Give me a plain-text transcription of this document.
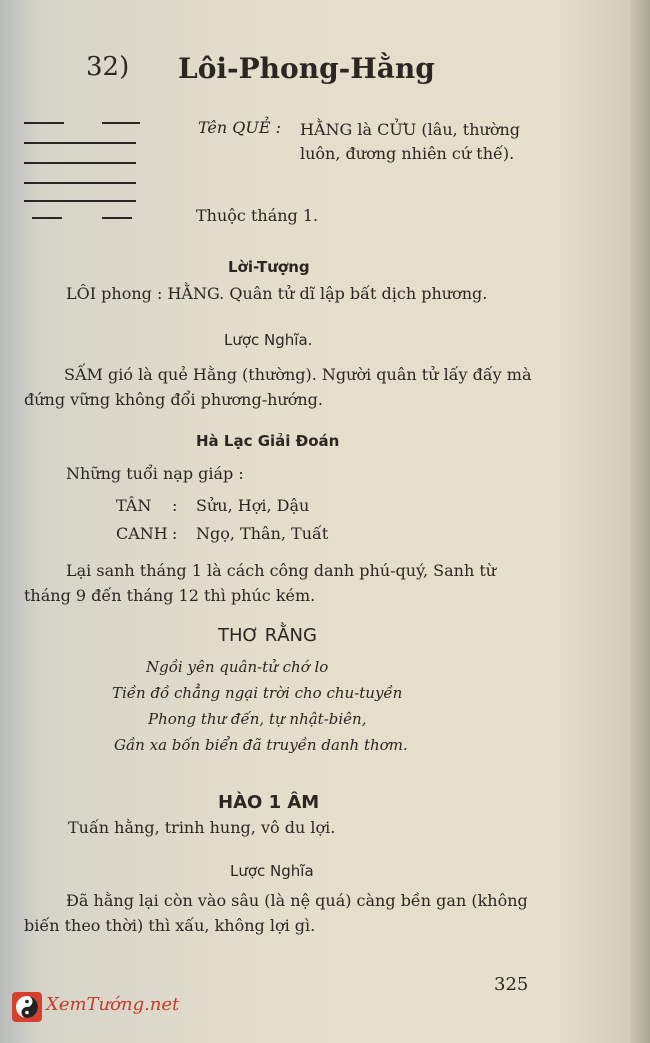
32) Lôi-Phong-Hằng
Tên QUẺ : HẰNG là CỬU (lâu, thường luôn, đương nhiên cứ thế).
Thuộc tháng 1.
Lời-Tượng
LÔI phong : HẰNG. Quân tử dĩ lập bất dịch phương.
Lược Nghĩa.
SẤM gió là quẻ Hằng (thường). Người quân tử lấy đấy mà đứng vững không đổi phương-hướng.
Hà Lạc Giải Đoán
Những tuổi nạp giáp :
TÂN : Sửu, Hợi, Dậu
CANH : Ngọ, Thân, Tuất
Lại sanh tháng 1 là cách công danh phú-quý, Sanh từ tháng 9 đến tháng 12 thì phúc kém.
THƠ RẰNG
Ngồi yên quân-tử chớ lo
Tiền đồ chẳng ngại trời cho chu-tuyền
Phong thư đến, tự nhật-biên,
Gần xa bốn biển đã truyền danh thơm.
HÀO 1 ÂM
Tuấn hằng, trinh hung, vô du lợi.
Lược Nghĩa
Đã hằng lại còn vào sâu (là nệ quá) càng bền gan (không biến theo thời) thì xấu, không lợi gì.
325
XemTướng.net
